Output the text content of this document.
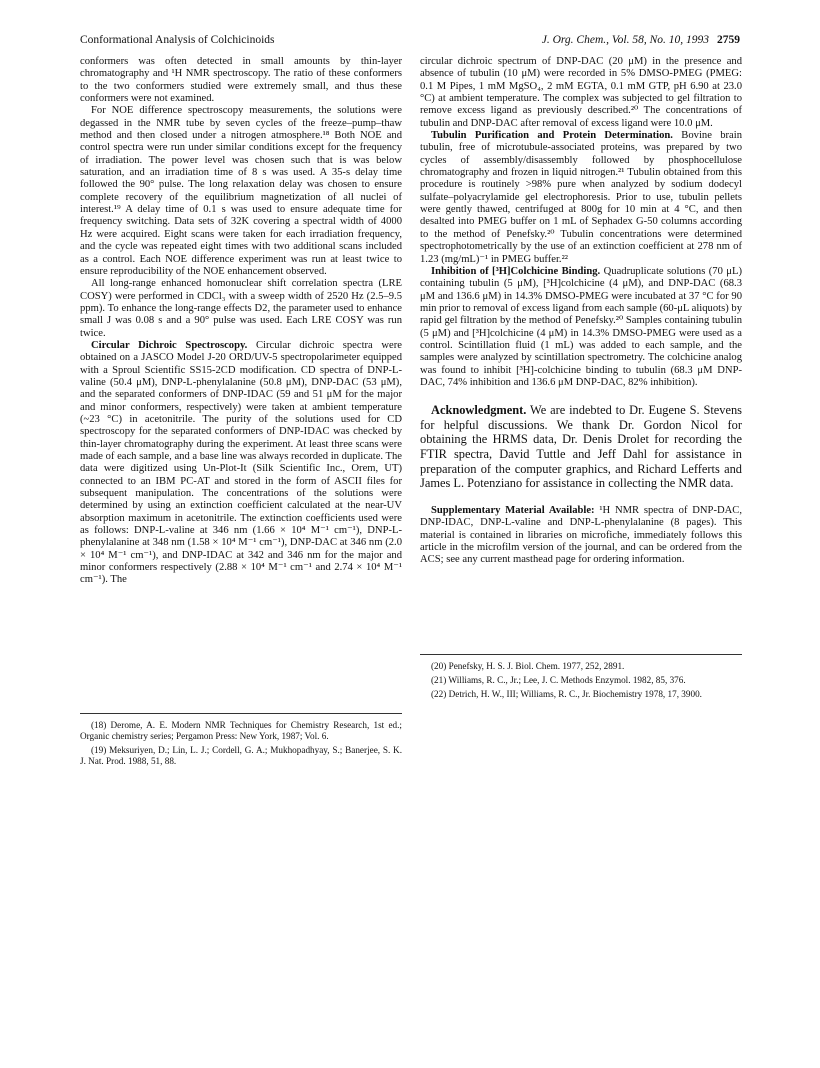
Conformational Analysis of Colchicinoids	J. Org. Chem., Vol. 58, No. 10, 1993 2759

conformers was often detected in small amounts by thin-layer chromatography and ¹H NMR spectroscopy. The ratio of these conformers to the two conformers studied were extremely small, and thus these conformers were not examined.

For NOE difference spectroscopy measurements, the solutions were degassed in the NMR tube by seven cycles of the freeze–pump–thaw method and then closed under a nitrogen atmosphere.¹⁸ Both NOE and control spectra were run under similar conditions except for the frequency of irradiation. The power level was chosen such that is was below saturation, and an irradiation time of 8 s was used. A 35-s delay time followed the 90° pulse. The long relaxation delay was chosen to ensure complete recovery of the equilibrium magnetization of all nuclei of interest.¹⁹ A delay time of 0.1 s was used to ensure adequate time for frequency switching. Data sets of 32K covering a spectral width of 4000 Hz were acquired. Eight scans were taken for each irradiation frequency, and the cycle was repeated eight times with two additional scans included as a control. Each NOE difference experiment was run at least twice to ensure reproducibility of the NOE enhancement observed.

All long-range enhanced homonuclear shift correlation spectra (LRE COSY) were performed in CDCl₃ with a sweep width of 2520 Hz (2.5–9.5 ppm). To enhance the long-range effects D2, the parameter used to enhance small J was 0.08 s and a 90° pulse was used. Each LRE COSY was run twice.

Circular Dichroic Spectroscopy. Circular dichroic spectra were obtained on a JASCO Model J-20 ORD/UV-5 spectropolarimeter equipped with a Sproul Scientific SS15-2CD modification. CD spectra of DNP-L-valine (50.4 μM), DNP-L-phenylalanine (50.8 μM), DNP-DAC (53 μM), and the separated conformers of DNP-IDAC (59 and 51 μM for the major and minor conformers, respectively) were taken at ambient temperature (~23 °C) in acetonitrile. The purity of the solutions used for CD spectroscopy for the separated conformers of DNP-IDAC was checked by thin-layer chromatography during the experiment. At least three scans were made of each sample, and a base line was always recorded in duplicate. The data were digitized using Un-Plot-It (Silk Scientific Inc., Orem, UT) connected to an IBM PC-AT and stored in the form of ASCII files for subsequent manipulation. The concentrations of the solutions were determined by using an extinction coefficient calculated at the near-UV absorption maximum in acetonitrile. The extinction coefficients used were as follows: DNP-L-valine at 346 nm (1.66 × 10⁴ M⁻¹ cm⁻¹), DNP-L-phenylalanine at 348 nm (1.58 × 10⁴ M⁻¹ cm⁻¹), DNP-DAC at 346 nm (2.0 × 10⁴ M⁻¹ cm⁻¹), and DNP-IDAC at 342 and 346 nm for the major and minor conformers respectively (2.88 × 10⁴ M⁻¹ cm⁻¹ and 2.74 × 10⁴ M⁻¹ cm⁻¹). The

(18) Derome, A. E. Modern NMR Techniques for Chemistry Research, 1st ed.; Organic chemistry series; Pergamon Press: New York, 1987; Vol. 6.

(19) Meksuriyen, D.; Lin, L. J.; Cordell, G. A.; Mukhopadhyay, S.; Banerjee, S. K. J. Nat. Prod. 1988, 51, 88.

circular dichroic spectrum of DNP-DAC (20 μM) in the presence and absence of tubulin (10 μM) were recorded in 5% DMSO-PMEG (PMEG: 0.1 M Pipes, 1 mM MgSO₄, 2 mM EGTA, 0.1 mM GTP, pH 6.90 at 23.0 °C) at ambient temperature. The complex was subjected to gel filtration to remove excess ligand as previously described.²⁰ The concentrations of tubulin and DNP-DAC after removal of excess ligand were 10.0 μM.

Tubulin Purification and Protein Determination. Bovine brain tubulin, free of microtubule-associated proteins, was prepared by two cycles of assembly/disassembly followed by phosphocellulose chromatography and frozen in liquid nitrogen.²¹ Tubulin obtained from this procedure is routinely >98% pure when analyzed by sodium dodecyl sulfate–polyacrylamide gel electrophoresis. Prior to use, tubulin pellets were gently thawed, centrifuged at 800g for 10 min at 4 °C, and then desalted into PMEG buffer on 1 mL of Sephadex G-50 columns according to the method of Penefsky.²⁰ Tubulin concentrations were determined spectrophotometrically by the use of an extinction coefficient at 278 nm of 1.23 (mg/mL)⁻¹ in PMEG buffer.²²

Inhibition of [³H]Colchicine Binding. Quadruplicate solutions (70 μL) containing tubulin (5 μM), [³H]colchicine (4 μM), and DNP-DAC (68.3 μM and 136.6 μM) in 14.3% DMSO-PMEG were incubated at 37 °C for 90 min prior to removal of excess ligand from each sample (60-μL aliquots) by rapid gel filtration by the method of Penefsky.²⁰ Samples containing tubulin (5 μM) and [³H]colchicine (4 μM) in 14.3% DMSO-PMEG were used as a control. Scintillation fluid (1 mL) was added to each sample, and the samples were analyzed by scintillation spectrometry. The colchicine analog was found to inhibit [³H]-colchicine binding to tubulin (68.3 μM DNP-DAC, 74% inhibition and 136.6 μM DNP-DAC, 82% inhibition).

Acknowledgment. We are indebted to Dr. Eugene S. Stevens for helpful discussions. We thank Dr. Gordon Nicol for obtaining the HRMS data, Dr. Denis Drolet for recording the FTIR spectra, David Tuttle and Jeff Dahl for assistance in preparation of the computer graphics, and Richard Lefferts and James L. Potenziano for assistance in collecting the NMR data.

Supplementary Material Available: ¹H NMR spectra of DNP-DAC, DNP-IDAC, DNP-L-valine and DNP-L-phenylalanine (8 pages). This material is contained in libraries on microfiche, immediately follows this article in the microfilm version of the journal, and can be ordered from the ACS; see any current masthead page for ordering information.

(20) Penefsky, H. S. J. Biol. Chem. 1977, 252, 2891.

(21) Williams, R. C., Jr.; Lee, J. C. Methods Enzymol. 1982, 85, 376.

(22) Detrich, H. W., III; Williams, R. C., Jr. Biochemistry 1978, 17, 3900.
